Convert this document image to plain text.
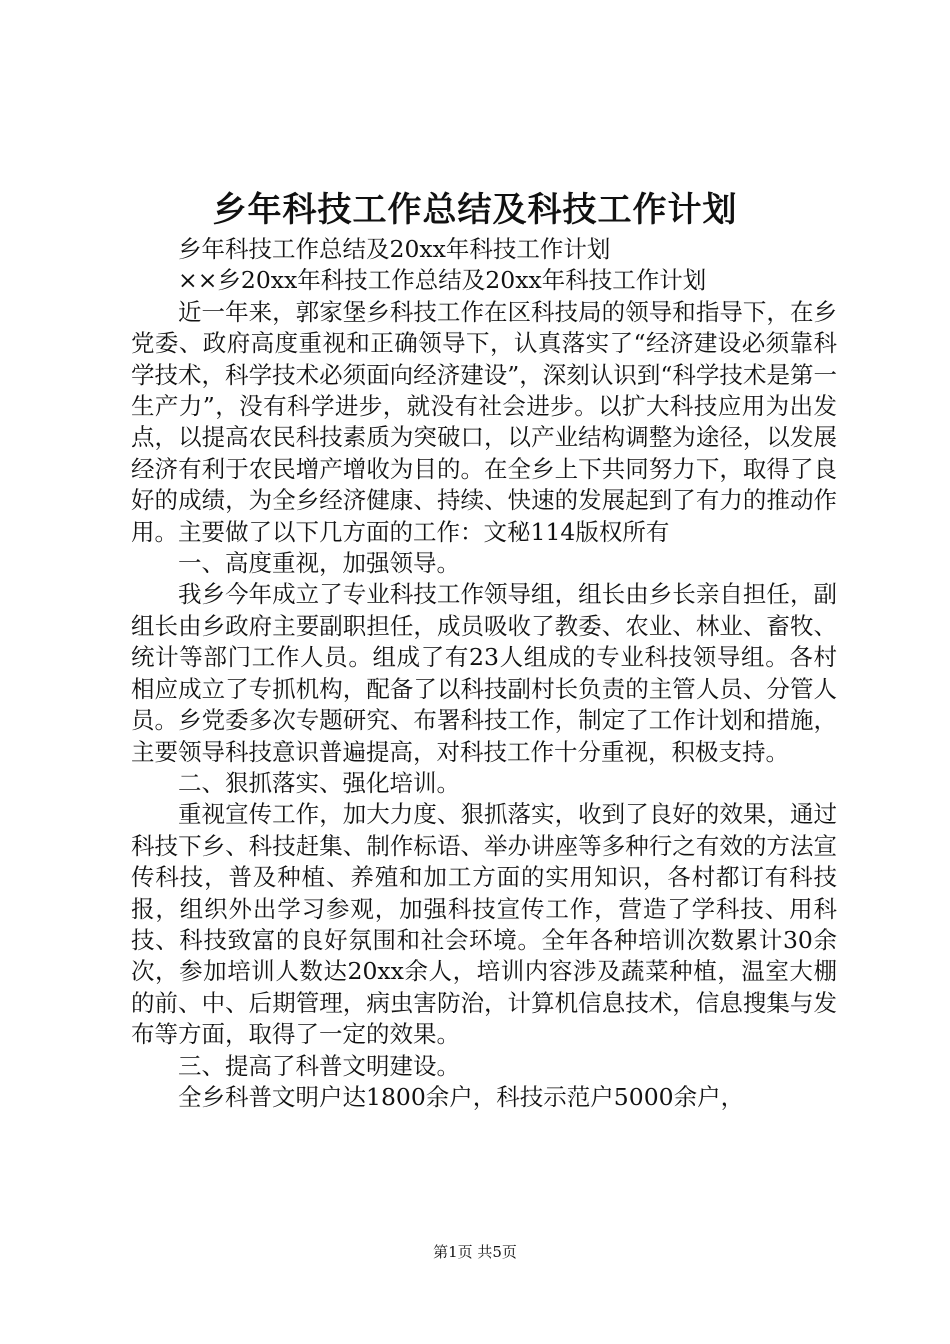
乡年科技工作总结及科技工作计划

乡年科技工作总结及20xx年科技工作计划

××乡20xx年科技工作总结及20xx年科技工作计划

近一年来，郭家堡乡科技工作在区科技局的领导和指导下，在乡党委、政府高度重视和正确领导下，认真落实了“经济建设必须靠科学技术，科学技术必须面向经济建设”，深刻认识到“科学技术是第一生产力”，没有科学进步，就没有社会进步。以扩大科技应用为出发点，以提高农民科技素质为突破口，以产业结构调整为途径，以发展经济有利于农民增产增收为目的。在全乡上下共同努力下，取得了良好的成绩，为全乡经济健康、持续、快速的发展起到了有力的推动作用。主要做了以下几方面的工作：文秘114版权所有

一、高度重视，加强领导。

我乡今年成立了专业科技工作领导组，组长由乡长亲自担任，副组长由乡政府主要副职担任，成员吸收了教委、农业、林业、畜牧、统计等部门工作人员。组成了有23人组成的专业科技领导组。各村相应成立了专抓机构，配备了以科技副村长负责的主管人员、分管人员。乡党委多次专题研究、布署科技工作，制定了工作计划和措施，主要领导科技意识普遍提高，对科技工作十分重视，积极支持。

二、狠抓落实、强化培训。

重视宣传工作，加大力度、狠抓落实，收到了良好的效果，通过科技下乡、科技赶集、制作标语、举办讲座等多种行之有效的方法宣传科技，普及种植、养殖和加工方面的实用知识，各村都订有科技报，组织外出学习参观，加强科技宣传工作，营造了学科技、用科技、科技致富的良好氛围和社会环境。全年各种培训次数累计30余次，参加培训人数达20xx余人，培训内容涉及蔬菜种植，温室大棚的前、中、后期管理，病虫害防治，计算机信息技术，信息搜集与发布等方面，取得了一定的效果。

三、提高了科普文明建设。

全乡科普文明户达1800余户，科技示范户5000余户，

第1页 共5页
